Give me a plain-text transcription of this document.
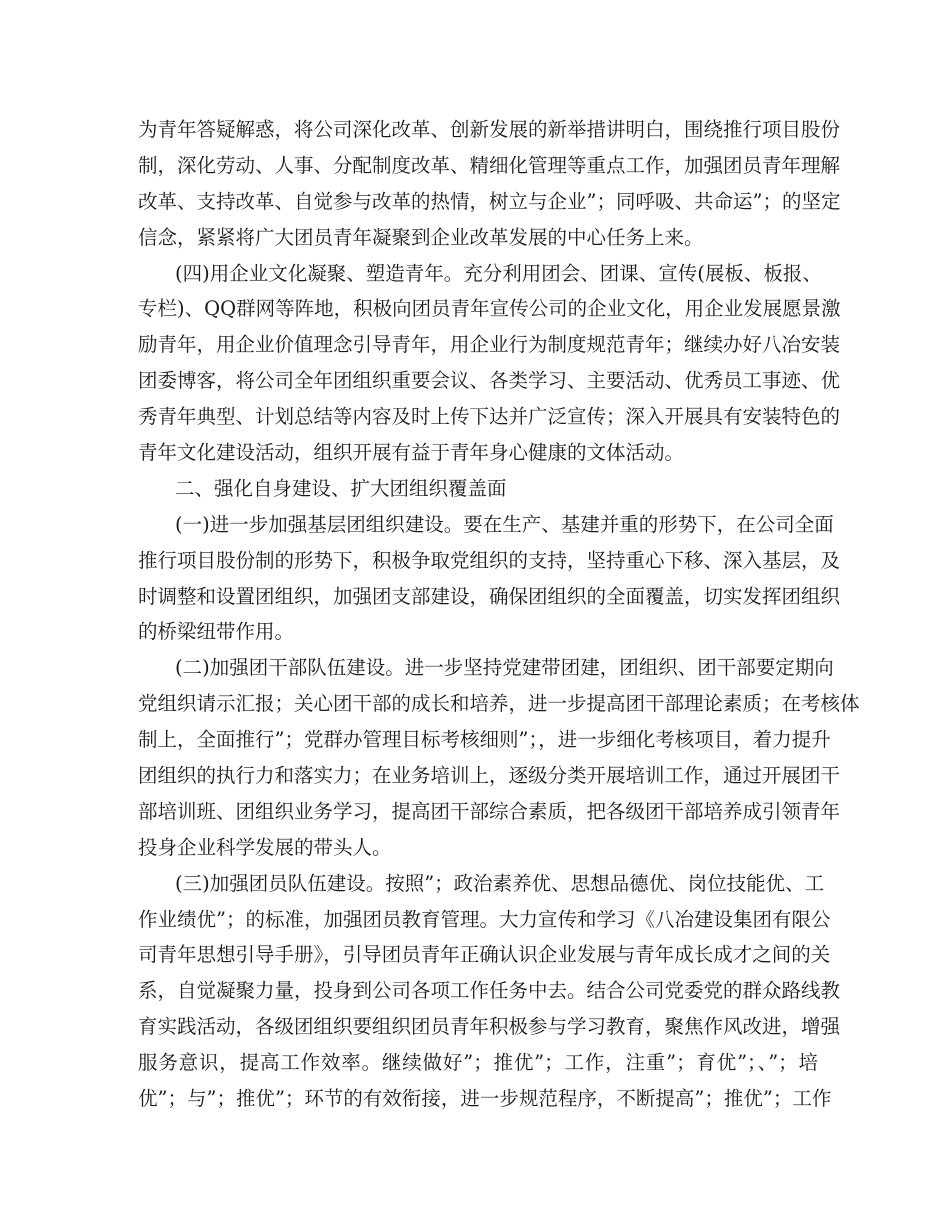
为青年答疑解惑，将公司深化改革、创新发展的新举措讲明白，围绕推行项目股份
制，深化劳动、人事、分配制度改革、精细化管理等重点工作，加强团员青年理解
改革、支持改革、自觉参与改革的热情，树立与企业”；同呼吸、共命运”；的坚定
信念，紧紧将广大团员青年凝聚到企业改革发展的中心任务上来。
(四)用企业文化凝聚、塑造青年。充分利用团会、团课、宣传(展板、板报、
专栏)、QQ群网等阵地，积极向团员青年宣传公司的企业文化，用企业发展愿景激
励青年，用企业价值理念引导青年，用企业行为制度规范青年；继续办好八冶安装
团委博客，将公司全年团组织重要会议、各类学习、主要活动、优秀员工事迹、优
秀青年典型、计划总结等内容及时上传下达并广泛宣传；深入开展具有安装特色的
青年文化建设活动，组织开展有益于青年身心健康的文体活动。
二、强化自身建设、扩大团组织覆盖面
(一)进一步加强基层团组织建设。要在生产、基建并重的形势下，在公司全面
推行项目股份制的形势下，积极争取党组织的支持，坚持重心下移、深入基层，及
时调整和设置团组织，加强团支部建设，确保团组织的全面覆盖，切实发挥团组织
的桥梁纽带作用。
(二)加强团干部队伍建设。进一步坚持党建带团建，团组织、团干部要定期向
党组织请示汇报；关心团干部的成长和培养，进一步提高团干部理论素质；在考核体
制上，全面推行”；党群办管理目标考核细则”；，进一步细化考核项目，着力提升
团组织的执行力和落实力；在业务培训上，逐级分类开展培训工作，通过开展团干
部培训班、团组织业务学习，提高团干部综合素质，把各级团干部培养成引领青年
投身企业科学发展的带头人。
(三)加强团员队伍建设。按照”；政治素养优、思想品德优、岗位技能优、工
作业绩优”；的标准，加强团员教育管理。大力宣传和学习《八冶建设集团有限公
司青年思想引导手册》，引导团员青年正确认识企业发展与青年成长成才之间的关
系，自觉凝聚力量，投身到公司各项工作任务中去。结合公司党委党的群众路线教
育实践活动，各级团组织要组织团员青年积极参与学习教育，聚焦作风改进，增强
服务意识，提高工作效率。继续做好”；推优”；工作，注重”；育优”；、”；培
优”；与”；推优”；环节的有效衔接，进一步规范程序，不断提高”；推优”；工作
